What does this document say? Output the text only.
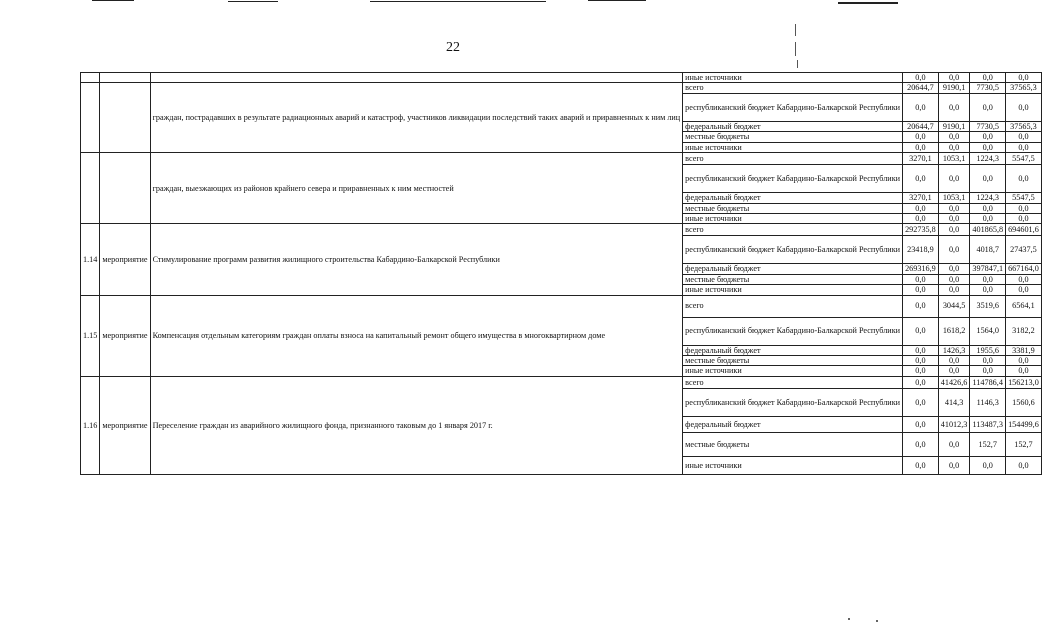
22
			иные источники	0,0	0,0	0,0	0,0
		граждан, пострадавших в результате радиационных аварий и катастроф, участников ликвидации последствий таких аварий и приравненных к ним лиц	всего	20644,7	9190,1	7730,5	37565,3
			республиканский бюджет Кабардино-Балкарской Республики	0,0	0,0	0,0	0,0
			федеральный бюджет	20644,7	9190,1	7730,5	37565,3
			местные бюджеты	0,0	0,0	0,0	0,0
			иные источники	0,0	0,0	0,0	0,0
		граждан, выезжающих из районов крайнего севера и приравненных к ним местностей	всего	3270,1	1053,1	1224,3	5547,5
			республиканский бюджет Кабардино-Балкарской Республики	0,0	0,0	0,0	0,0
			федеральный бюджет	3270,1	1053,1	1224,3	5547,5
			местные бюджеты	0,0	0,0	0,0	0,0
			иные источники	0,0	0,0	0,0	0,0
1.14	мероприятие	Стимулирование программ развития жилищного строительства Кабардино-Балкарской Республики	всего	292735,8	0,0	401865,8	694601,6
			республиканский бюджет Кабардино-Балкарской Республики	23418,9	0,0	4018,7	27437,5
			федеральный бюджет	269316,9	0,0	397847,1	667164,0
			местные бюджеты	0,0	0,0	0,0	0,0
			иные источники	0,0	0,0	0,0	0,0
1.15	мероприятие	Компенсация отдельным категориям граждан оплаты взноса на капитальный ремонт общего имущества в многоквартирном доме	всего	0,0	3044,5	3519,6	6564,1
			республиканский бюджет Кабардино-Балкарской Республики	0,0	1618,2	1564,0	3182,2
			федеральный бюджет	0,0	1426,3	1955,6	3381,9
			местные бюджеты	0,0	0,0	0,0	0,0
			иные источники	0,0	0,0	0,0	0,0
1.16	мероприятие	Переселение граждан из аварийного жилищного фонда, признанного таковым до 1 января 2017 г.	всего	0,0	41426,6	114786,4	156213,0
			республиканский бюджет Кабардино-Балкарской Республики	0,0	414,3	1146,3	1560,6
			федеральный бюджет	0,0	41012,3	113487,3	154499,6
			местные бюджеты	0,0	0,0	152,7	152,7
			иные источники	0,0	0,0	0,0	0,0
